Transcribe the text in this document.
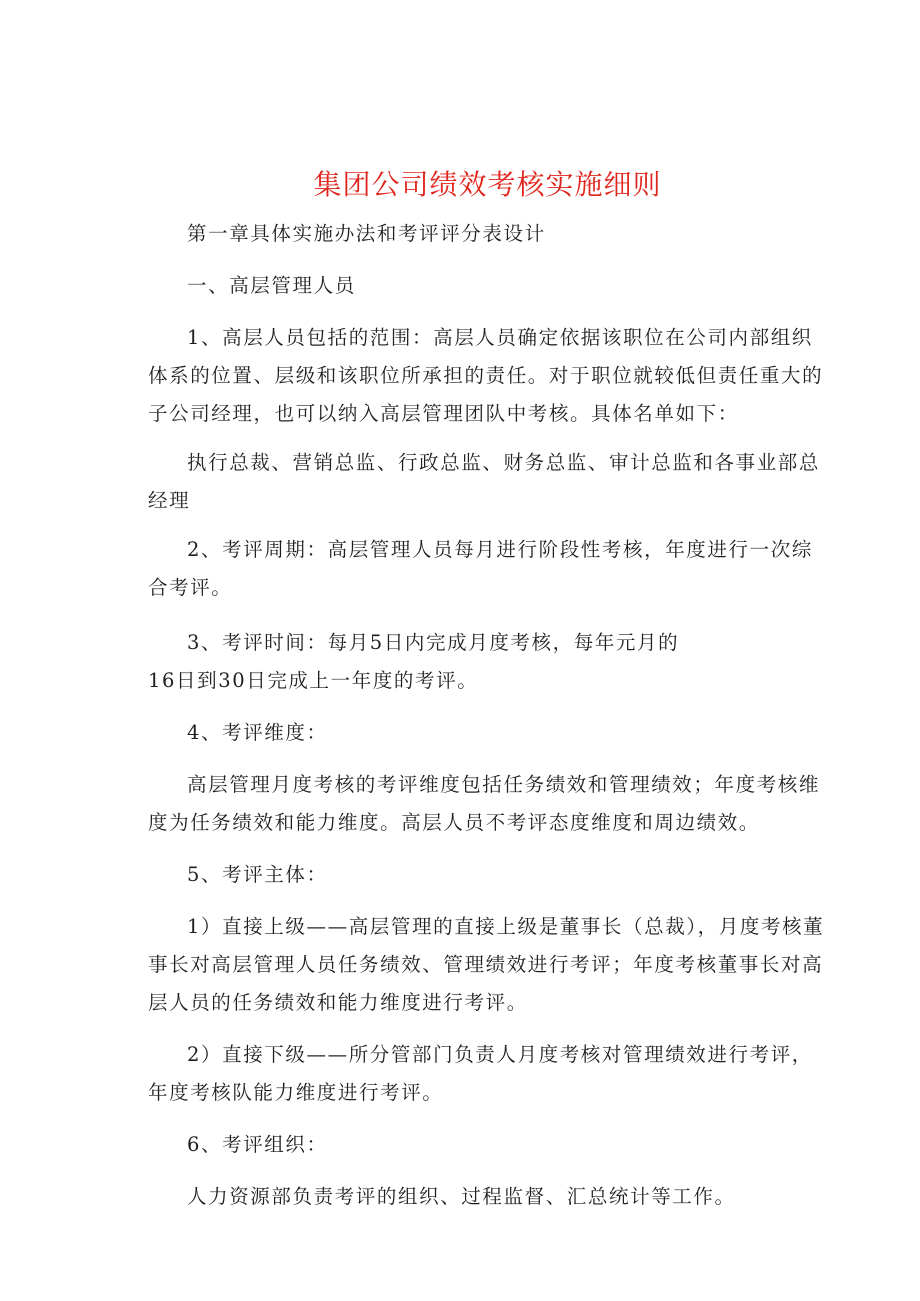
集团公司绩效考核实施细则

第一章具体实施办法和考评评分表设计

一、高层管理人员

1、高层人员包括的范围：高层人员确定依据该职位在公司内部组织体系的位置、层级和该职位所承担的责任。对于职位就较低但责任重大的子公司经理，也可以纳入高层管理团队中考核。具体名单如下：

执行总裁、营销总监、行政总监、财务总监、审计总监和各事业部总经理

2、考评周期：高层管理人员每月进行阶段性考核，年度进行一次综合考评。

3、考评时间：每月5日内完成月度考核，每年元月的

16日到30日完成上一年度的考评。

4、考评维度：

高层管理月度考核的考评维度包括任务绩效和管理绩效；年度考核维度为任务绩效和能力维度。高层人员不考评态度维度和周边绩效。

5、考评主体：

1）直接上级——高层管理的直接上级是董事长（总裁），月度考核董事长对高层管理人员任务绩效、管理绩效进行考评；年度考核董事长对高层人员的任务绩效和能力维度进行考评。

2）直接下级——所分管部门负责人月度考核对管理绩效进行考评，年度考核队能力维度进行考评。

6、考评组织：

人力资源部负责考评的组织、过程监督、汇总统计等工作。
